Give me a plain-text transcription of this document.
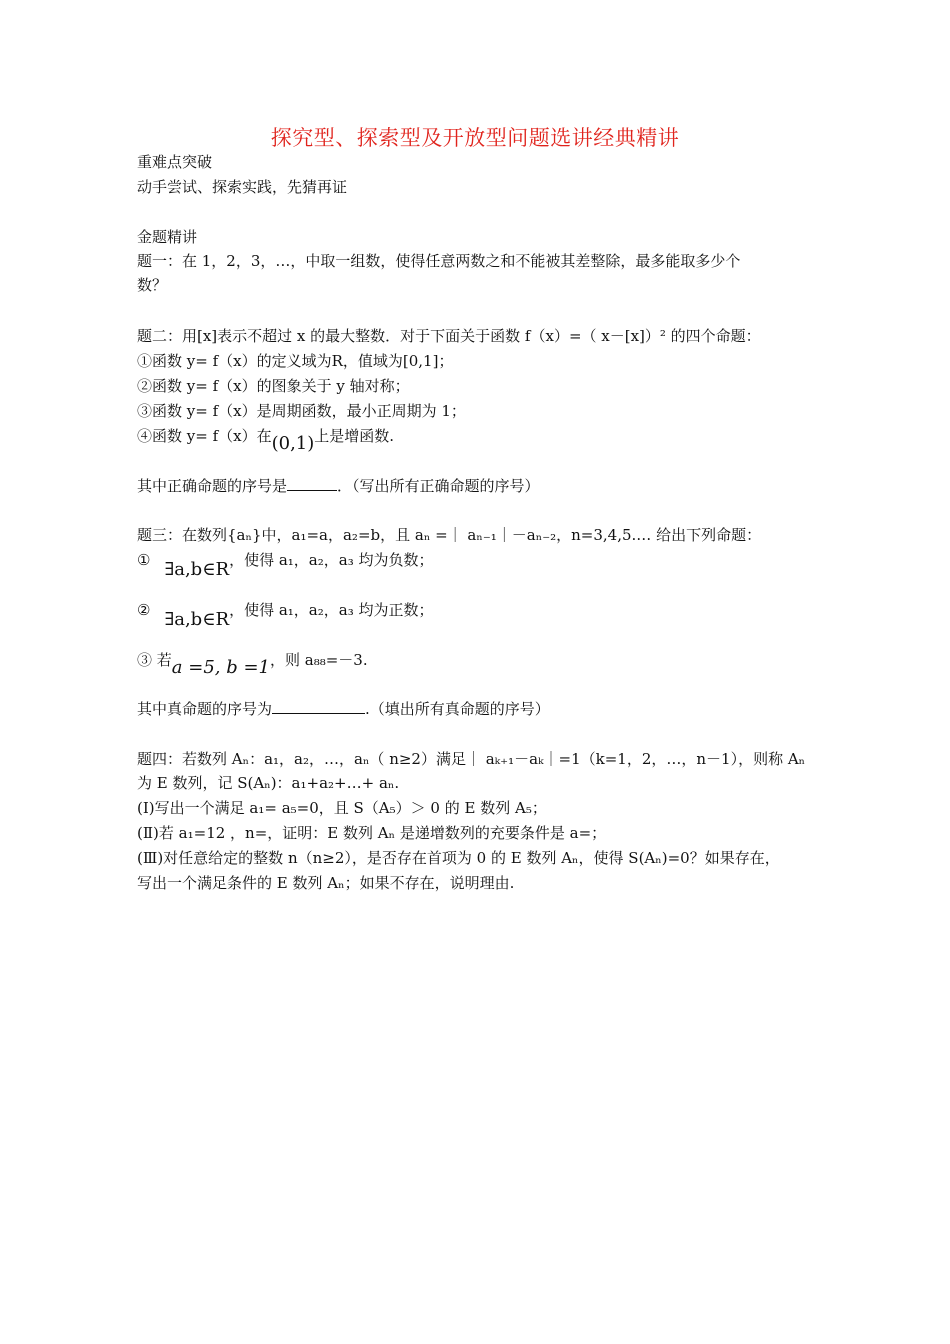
探究型、探索型及开放型问题选讲经典精讲
重难点突破
动手尝试、探索实践，先猜再证
金题精讲
题一：在 1，2，3，…，中取一组数，使得任意两数之和不能被其差整除，最多能取多少个
数？
题二：用[x]表示不超过 x 的最大整数．对于下面关于函数 f（x）=（ x－[x]）² 的四个命题：
①函数 y= f（x）的定义域为R，值域为[0,1]；
②函数 y= f（x）的图象关于 y 轴对称；
③函数 y= f（x）是周期函数，最小正周期为 1；
④函数 y= f（x）在(0,1)上是增函数.
其中正确命题的序号是	．（写出所有正确命题的序号）
题三：在数列{aₙ}中，a₁=a，a₂=b，且 aₙ =｜ aₙ₋₁｜－aₙ₋₂，n=3,4,5.… 给出下列命题：
① ∃a,b∈R，使得 a₁，a₂，a₃ 均为负数；
② ∃a,b∈R，使得 a₁，a₂，a₃ 均为正数；
③ 若a =5, b =1，则 a₈₈=－3.
其中真命题的序号为	.（填出所有真命题的序号）
题四：若数列 Aₙ：a₁，a₂，…，aₙ（ n≥2）满足｜ aₖ₊₁－aₖ｜=1（k=1，2，…，n－1），则称 Aₙ
为 E 数列，记 S(Aₙ)：a₁+a₂+…+ aₙ.
(Ⅰ)写出一个满足 a₁= a₅=0，且 S（A₅）＞ 0 的 E 数列 A₅；
(Ⅱ)若 a₁=12 ，n=，证明：E 数列 Aₙ 是递增数列的充要条件是 a=；
(Ⅲ)对任意给定的整数 n（n≥2），是否存在首项为 0 的 E 数列 Aₙ，使得 S(Aₙ)=0？如果存在，
写出一个满足条件的 E 数列 Aₙ；如果不存在，说明理由.
